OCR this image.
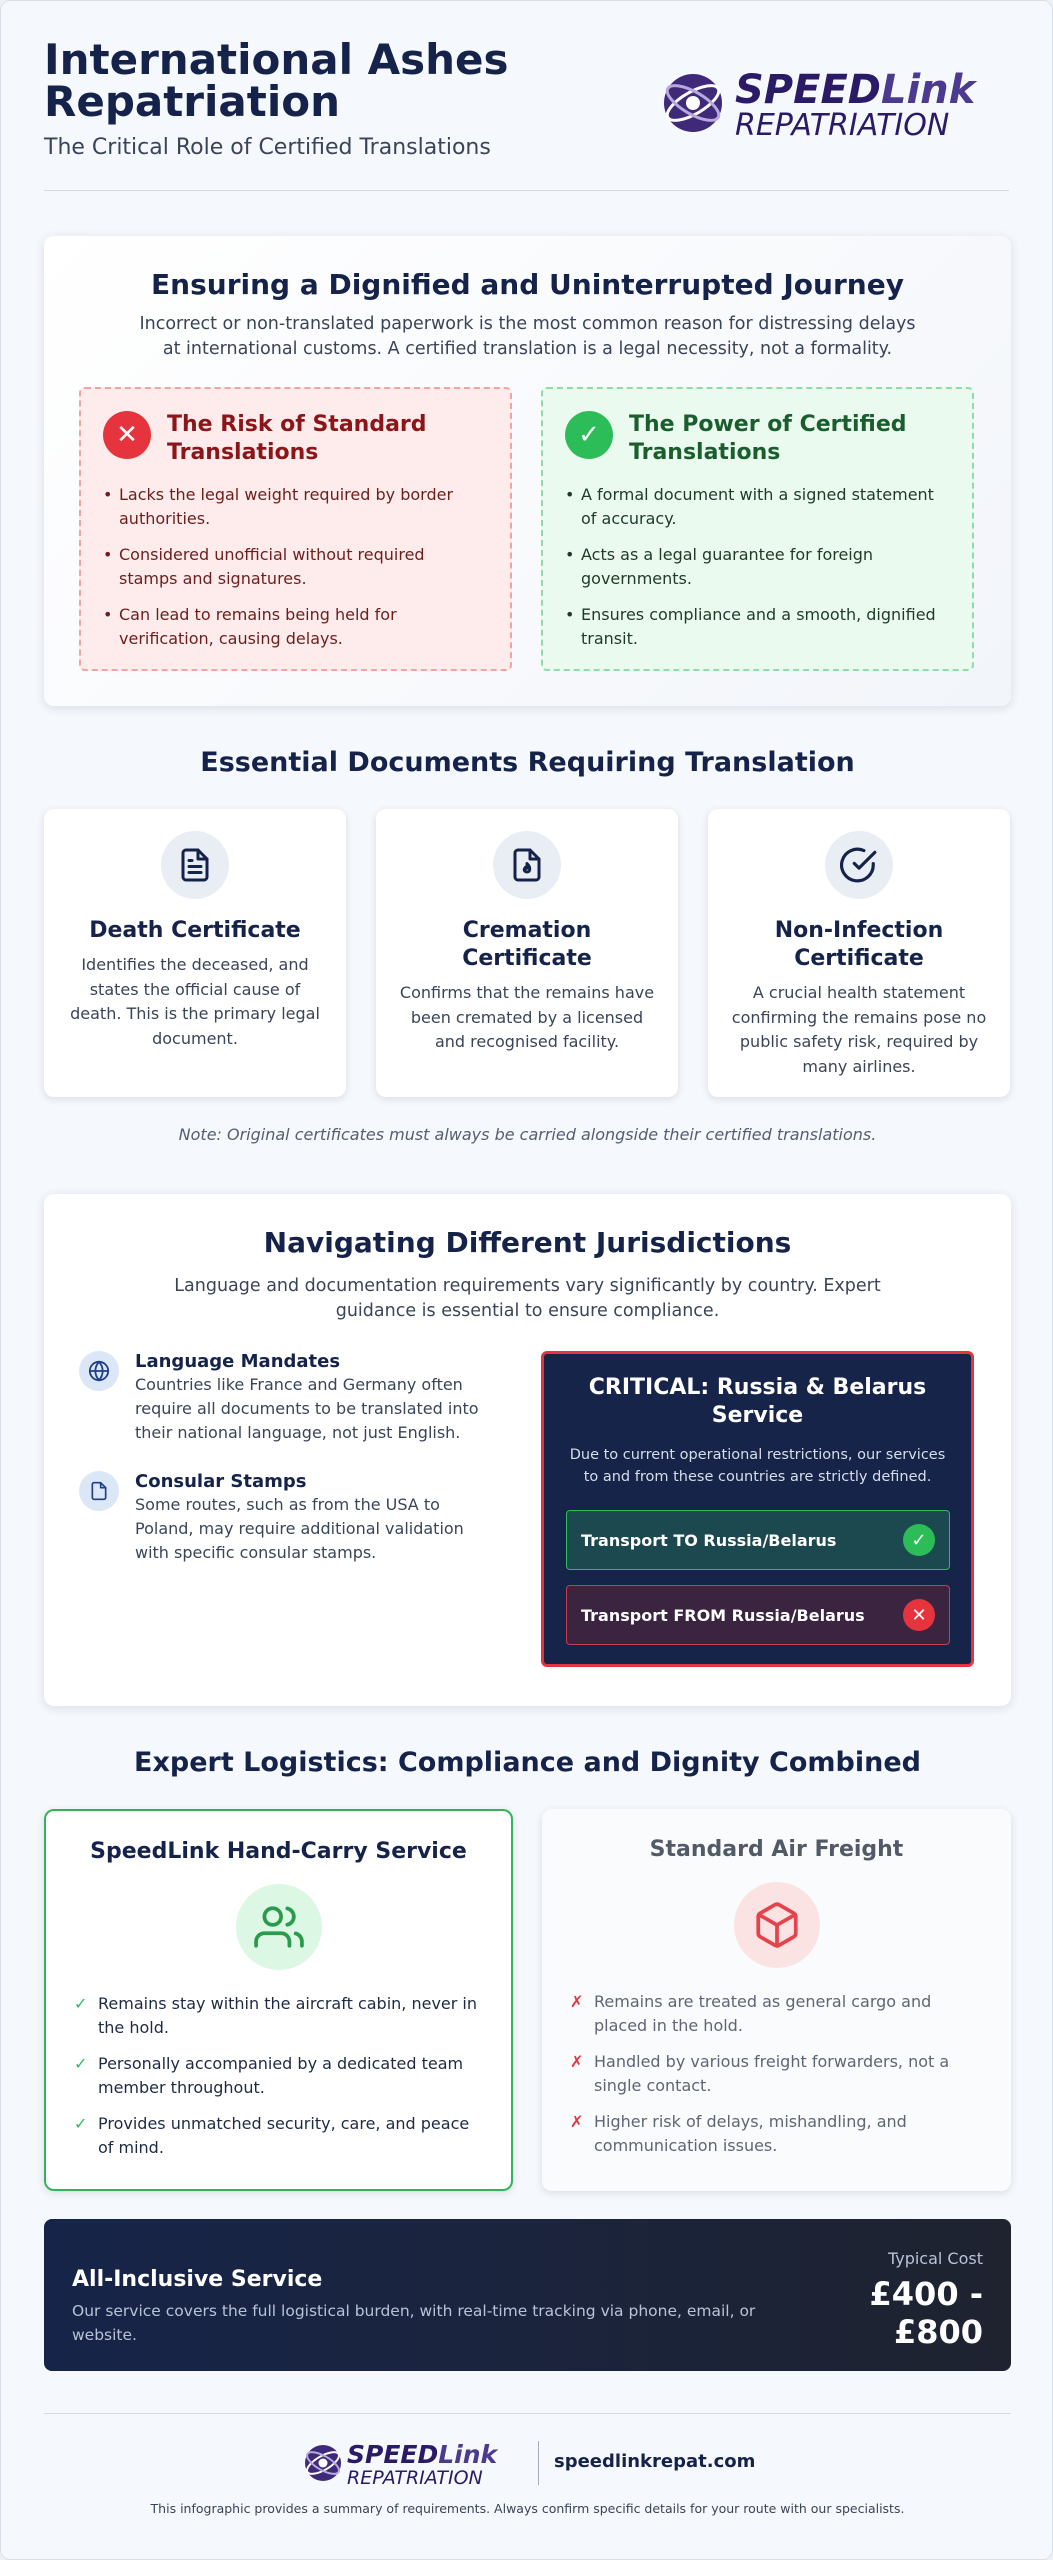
International Ashes Repatriation
The Critical Role of Certified Translations
SPEEDLink
REPATRIATION
Ensuring a Dignified and Uninterrupted Journey
Incorrect or non-translated paperwork is the most common reason for distressing delays at international customs. A certified translation is a legal necessity, not a formality.
✕	The Risk of Standard Translations
• Lacks the legal weight required by border authorities.
• Considered unofficial without required stamps and signatures.
• Can lead to remains being held for verification, causing delays.
✓	The Power of Certified Translations
• A formal document with a signed statement of accuracy.
• Acts as a legal guarantee for foreign governments.
• Ensures compliance and a smooth, dignified transit.
Essential Documents Requiring Translation
Death Certificate
Identifies the deceased, and states the official cause of death. This is the primary legal document.
Cremation Certificate
Confirms that the remains have been cremated by a licensed and recognised facility.
Non-Infection Certificate
A crucial health statement confirming the remains pose no public safety risk, required by many airlines.
Note: Original certificates must always be carried alongside their certified translations.
Navigating Different Jurisdictions
Language and documentation requirements vary significantly by country. Expert guidance is essential to ensure compliance.
Language Mandates

Countries like France and Germany often require all documents to be translated into their national language, not just English.

Consular Stamps

Some routes, such as from the USA to Poland, may require additional validation with specific consular stamps.

CRITICAL: Russia & Belarus Service

Due to current operational restrictions, our services to and from these countries are strictly defined.

Transport TO Russia/Belarus	✓
Transport FROM Russia/Belarus	✕
Expert Logistics: Compliance and Dignity Combined
SpeedLink Hand-Carry Service
✓ Remains stay within the aircraft cabin, never in the hold.
✓ Personally accompanied by a dedicated team member throughout.
✓ Provides unmatched security, care, and peace of mind.
Standard Air Freight
✗ Remains are treated as general cargo and placed in the hold.
✗ Handled by various freight forwarders, not a single contact.
✗ Higher risk of delays, mishandling, and communication issues.
All-Inclusive Service

Our service covers the full logistical burden, with real-time tracking via phone, email, or website.

Typical Cost
£400 - £800
SPEEDLink
REPATRIATION
speedlinkrepat.com
This infographic provides a summary of requirements. Always confirm specific details for your route with our specialists.
